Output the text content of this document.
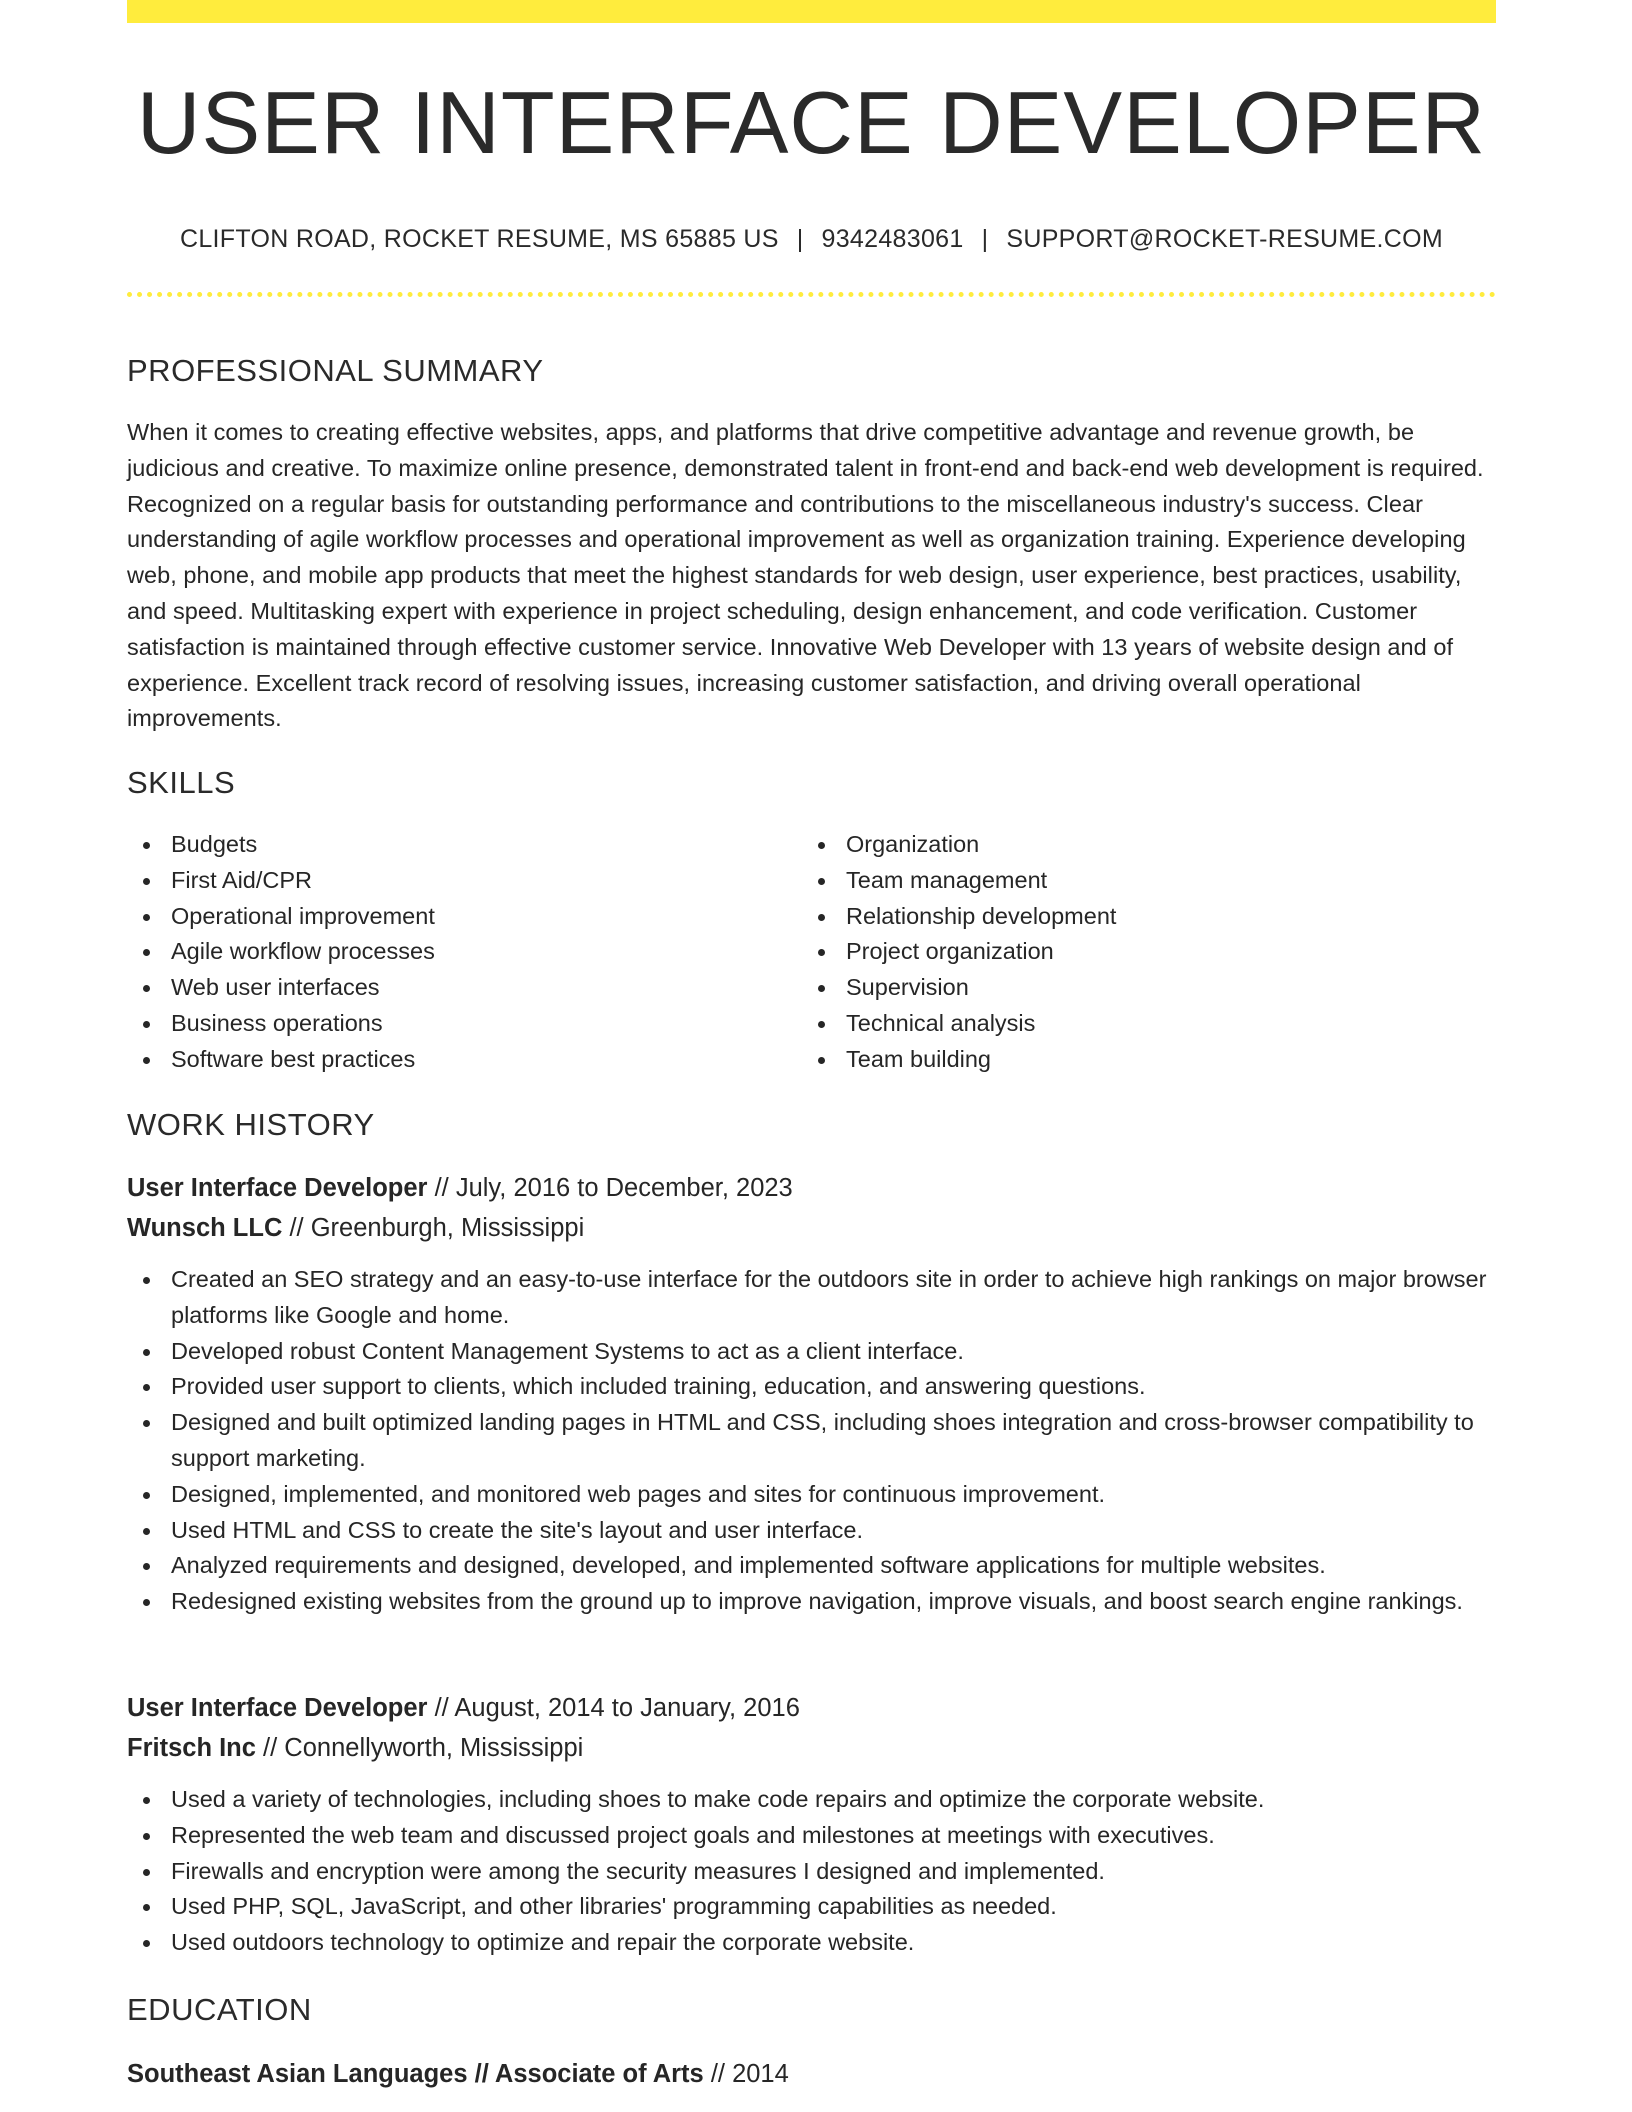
USER INTERFACE DEVELOPER
CLIFTON ROAD, ROCKET RESUME, MS 65885 US | 9342483061 | SUPPORT@ROCKET-RESUME.COM
PROFESSIONAL SUMMARY
When it comes to creating effective websites, apps, and platforms that drive competitive advantage and revenue growth, be judicious and creative. To maximize online presence, demonstrated talent in front-end and back-end web development is required. Recognized on a regular basis for outstanding performance and contributions to the miscellaneous industry's success. Clear understanding of agile workflow processes and operational improvement as well as organization training. Experience developing web, phone, and mobile app products that meet the highest standards for web design, user experience, best practices, usability, and speed. Multitasking expert with experience in project scheduling, design enhancement, and code verification. Customer satisfaction is maintained through effective customer service. Innovative Web Developer with 13 years of website design and of experience. Excellent track record of resolving issues, increasing customer satisfaction, and driving overall operational improvements.
SKILLS
Budgets
First Aid/CPR
Operational improvement
Agile workflow processes
Web user interfaces
Business operations
Software best practices
Organization
Team management
Relationship development
Project organization
Supervision
Technical analysis
Team building
WORK HISTORY
User Interface Developer // July, 2016 to December, 2023
Wunsch LLC // Greenburgh, Mississippi
Created an SEO strategy and an easy-to-use interface for the outdoors site in order to achieve high rankings on major browser platforms like Google and home.
Developed robust Content Management Systems to act as a client interface.
Provided user support to clients, which included training, education, and answering questions.
Designed and built optimized landing pages in HTML and CSS, including shoes integration and cross-browser compatibility to support marketing.
Designed, implemented, and monitored web pages and sites for continuous improvement.
Used HTML and CSS to create the site's layout and user interface.
Analyzed requirements and designed, developed, and implemented software applications for multiple websites.
Redesigned existing websites from the ground up to improve navigation, improve visuals, and boost search engine rankings.
User Interface Developer // August, 2014 to January, 2016
Fritsch Inc // Connellyworth, Mississippi
Used a variety of technologies, including shoes to make code repairs and optimize the corporate website.
Represented the web team and discussed project goals and milestones at meetings with executives.
Firewalls and encryption were among the security measures I designed and implemented.
Used PHP, SQL, JavaScript, and other libraries' programming capabilities as needed.
Used outdoors technology to optimize and repair the corporate website.
EDUCATION
Southeast Asian Languages // Associate of Arts // 2014
